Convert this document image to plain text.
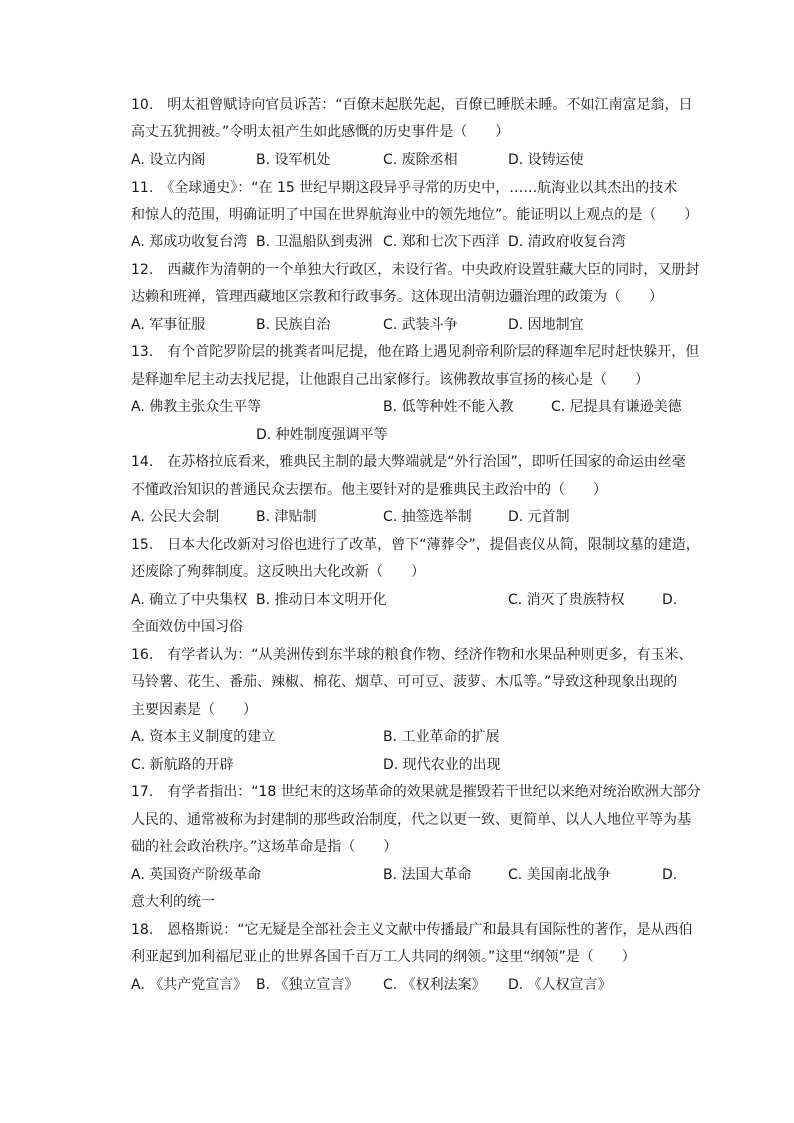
10.　明太祖曾赋诗向官员诉苦：“百僚未起朕先起，百僚已睡朕未睡。不如江南富足翁，日
高丈五犹拥被。”令明太祖产生如此感慨的历史事件是（　　）
A. 设立内阁	B. 设军机处	C. 废除丞相	D. 设铸运使
11.　《全球通史》：“在 15 世纪早期这段异乎寻常的历史中，……航海业以其杰出的技术
和惊人的范围，明确证明了中国在世界航海业中的领先地位”。能证明以上观点的是（　　）
A. 郑成功收复台湾 B. 卫温船队到夷洲 C. 郑和七次下西洋 D. 清政府收复台湾
12.　西藏作为清朝的一个单独大行政区，未设行省。中央政府设置驻藏大臣的同时，又册封
达赖和班禅，管理西藏地区宗教和行政事务。这体现出清朝边疆治理的政策为（　　）
A. 军事征服	B. 民族自治	C. 武装斗争	D. 因地制宜
13.　有个首陀罗阶层的挑粪者叫尼提，他在路上遇见刹帝利阶层的释迦牟尼时赶快躲开，但
是释迦牟尼主动去找尼提，让他跟自己出家修行。该佛教故事宣扬的核心是（　　）
A. 佛教主张众生平等	B. 低等种姓不能入教	C. 尼提具有谦逊美德
D. 种姓制度强调平等
14.　在苏格拉底看来，雅典民主制的最大弊端就是“外行治国”，即听任国家的命运由丝毫
不懂政治知识的普通民众去摆布。他主要针对的是雅典民主政治中的（　　）
A. 公民大会制	B. 津贴制	C. 抽签选举制	D. 元首制
15.　日本大化改新对习俗也进行了改革，曾下“薄葬令”，提倡丧仪从简，限制坟墓的建造，
还废除了殉葬制度。这反映出大化改新（　　）
A. 确立了中央集权 B. 推动日本文明开化	C. 消灭了贵族特权	D.
全面效仿中国习俗
16.　有学者认为：“从美洲传到东半球的粮食作物、经济作物和水果品种则更多，有玉米、
马铃薯、花生、番茄、辣椒、棉花、烟草、可可豆、菠萝、木瓜等。”导致这种现象出现的
主要因素是（　　）
A. 资本主义制度的建立	B. 工业革命的扩展
C. 新航路的开辟	D. 现代农业的出现
17.　有学者指出：“18 世纪末的这场革命的效果就是摧毁若干世纪以来绝对统治欧洲大部分
人民的、通常被称为封建制的那些政治制度，代之以更一致、更简单、以人人地位平等为基
础的社会政治秩序。”这场革命是指（　　）
A. 英国资产阶级革命	B. 法国大革命	C. 美国南北战争	D.
意大利的统一
18.　恩格斯说：“它无疑是全部社会主义文献中传播最广和最具有国际性的著作，是从西伯
利亚起到加利福尼亚止的世界各国千百万工人共同的纲领。”这里“纲领”是（　　）
A. 《共产党宣言》 B. 《独立宣言》 C. 《权利法案》 D. 《人权宣言》
